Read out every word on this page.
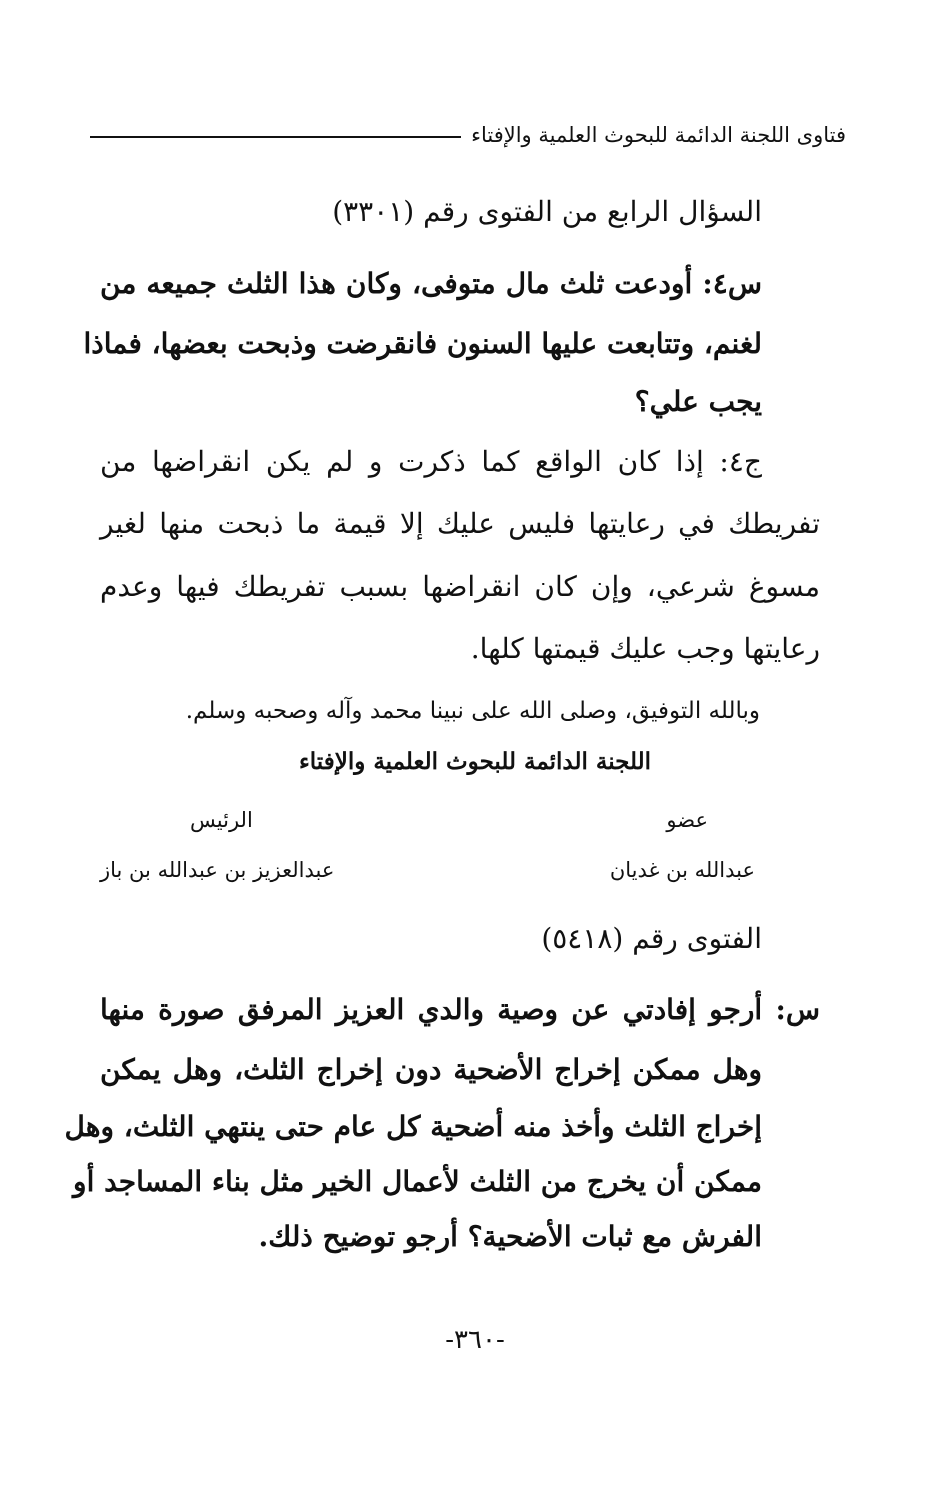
فتاوى اللجنة الدائمة للبحوث العلمية والإفتاء
السؤال الرابع من الفتوى رقم (٣٣٠١)
س٤: أودعت ثلث مال متوفى، وكان هذا الثلث جميعه من
لغنم، وتتابعت عليها السنون فانقرضت وذبحت بعضها، فماذا
يجب علي؟
ج٤: إذا كان الواقع كما ذكرت و لم يكن انقراضها من
تفريطك في رعايتها فليس عليك إلا قيمة ما ذبحت منها لغير
مسوغ شرعي، وإن كان انقراضها بسبب تفريطك فيها وعدم
رعايتها وجب عليك قيمتها كلها.
وبالله التوفيق، وصلى الله على نبينا محمد وآله وصحبه وسلم.
اللجنة الدائمة للبحوث العلمية والإفتاء
عضو
الرئيس
عبدالله بن غديان
عبدالعزيز بن عبدالله بن باز
الفتوى رقم (٥٤١٨)
س: أرجو إفادتي عن وصية والدي العزيز المرفق صورة منها
وهل ممكن إخراج الأضحية دون إخراج الثلث، وهل يمكن
إخراج الثلث وأخذ منه أضحية كل عام حتى ينتهي الثلث، وهل
ممكن أن يخرج من الثلث لأعمال الخير مثل بناء المساجد أو
الفرش مع ثبات الأضحية؟ أرجو توضيح ذلك.
-٣٦٠-
